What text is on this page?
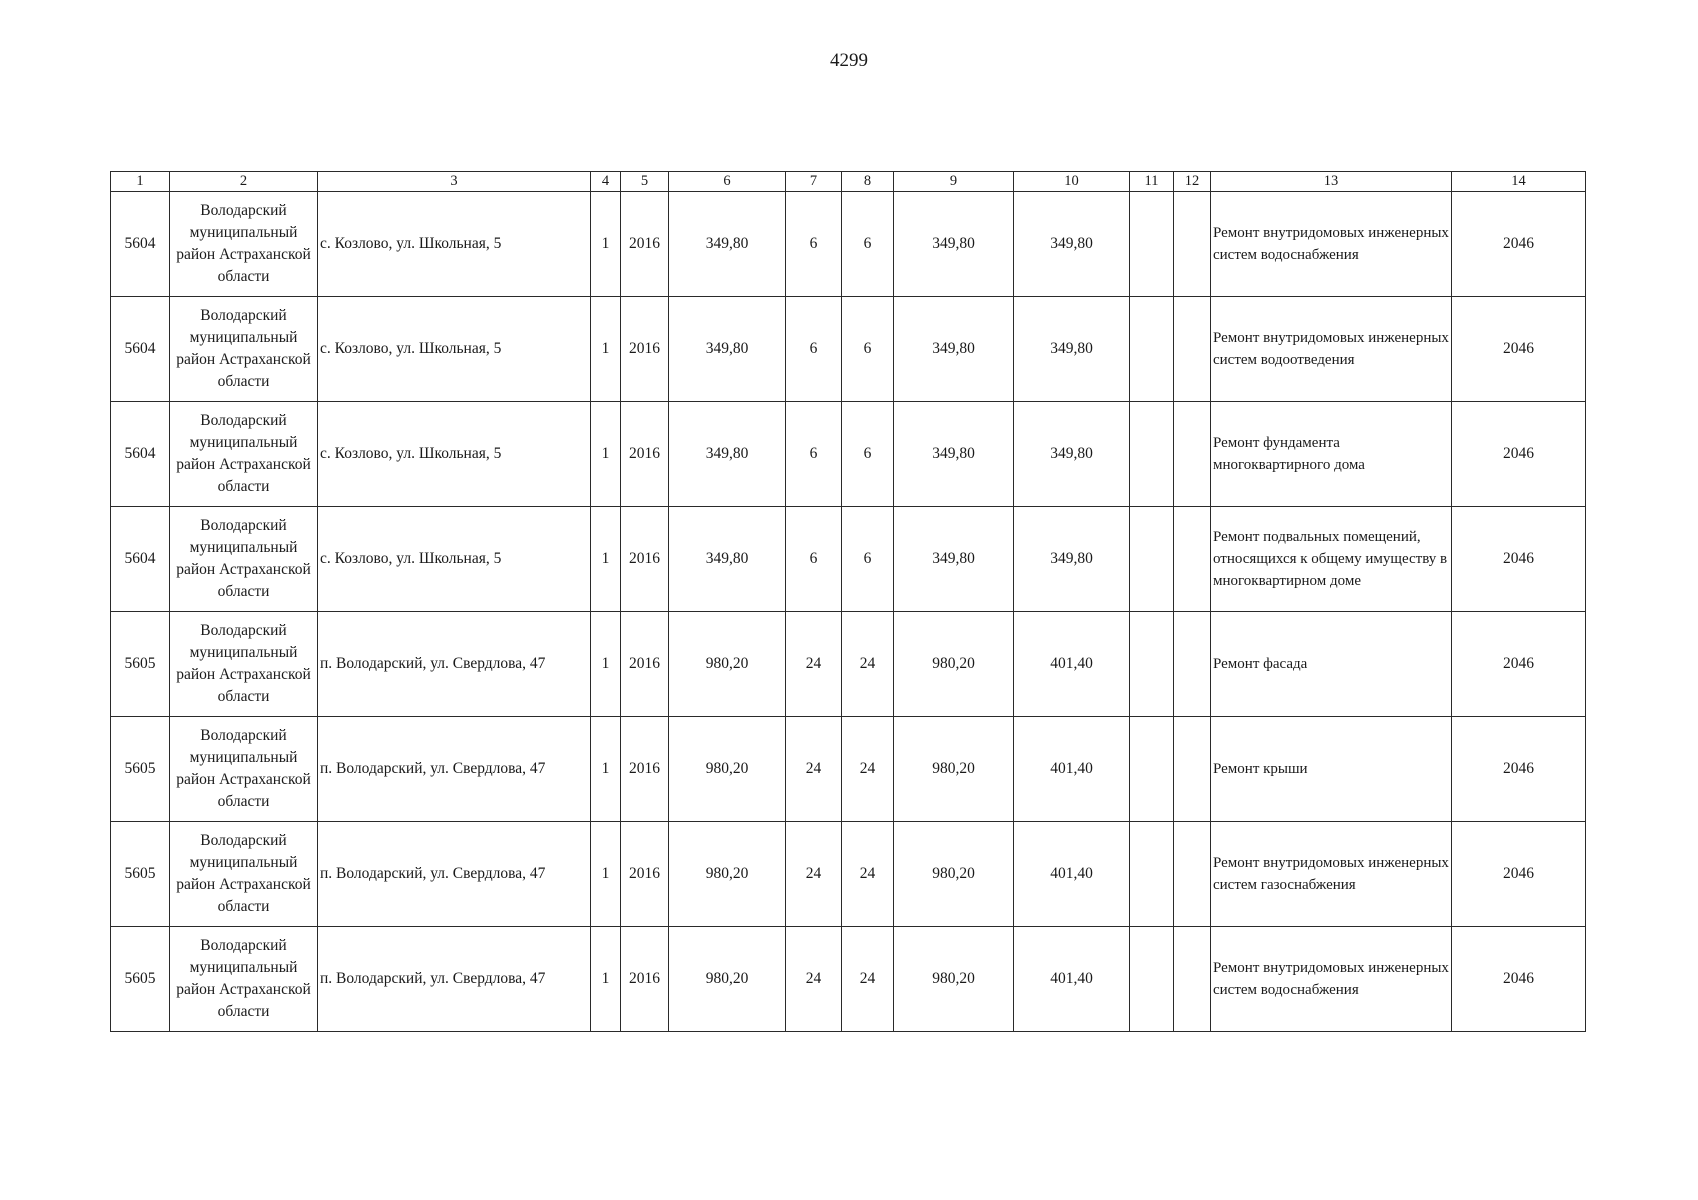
4299
1	2	3	4	5	6	7	8	9	10	11	12	13	14
5604	Володарский муниципальный район Астраханской области	с. Козлово, ул. Школьная, 5	1	2016	349,80	6	6	349,80	349,80			Ремонт внутридомовых инженерных систем водоснабжения	2046
5604	Володарский муниципальный район Астраханской области	с. Козлово, ул. Школьная, 5	1	2016	349,80	6	6	349,80	349,80			Ремонт внутридомовых инженерных систем водоотведения	2046
5604	Володарский муниципальный район Астраханской области	с. Козлово, ул. Школьная, 5	1	2016	349,80	6	6	349,80	349,80			Ремонт фундамента многоквартирного дома	2046
5604	Володарский муниципальный район Астраханской области	с. Козлово, ул. Школьная, 5	1	2016	349,80	6	6	349,80	349,80			Ремонт подвальных помещений, относящихся к общему имуществу в многоквартирном доме	2046
5605	Володарский муниципальный район Астраханской области	п. Володарский, ул. Свердлова, 47	1	2016	980,20	24	24	980,20	401,40			Ремонт фасада	2046
5605	Володарский муниципальный район Астраханской области	п. Володарский, ул. Свердлова, 47	1	2016	980,20	24	24	980,20	401,40			Ремонт крыши	2046
5605	Володарский муниципальный район Астраханской области	п. Володарский, ул. Свердлова, 47	1	2016	980,20	24	24	980,20	401,40			Ремонт внутридомовых инженерных систем газоснабжения	2046
5605	Володарский муниципальный район Астраханской области	п. Володарский, ул. Свердлова, 47	1	2016	980,20	24	24	980,20	401,40			Ремонт внутридомовых инженерных систем водоснабжения	2046
